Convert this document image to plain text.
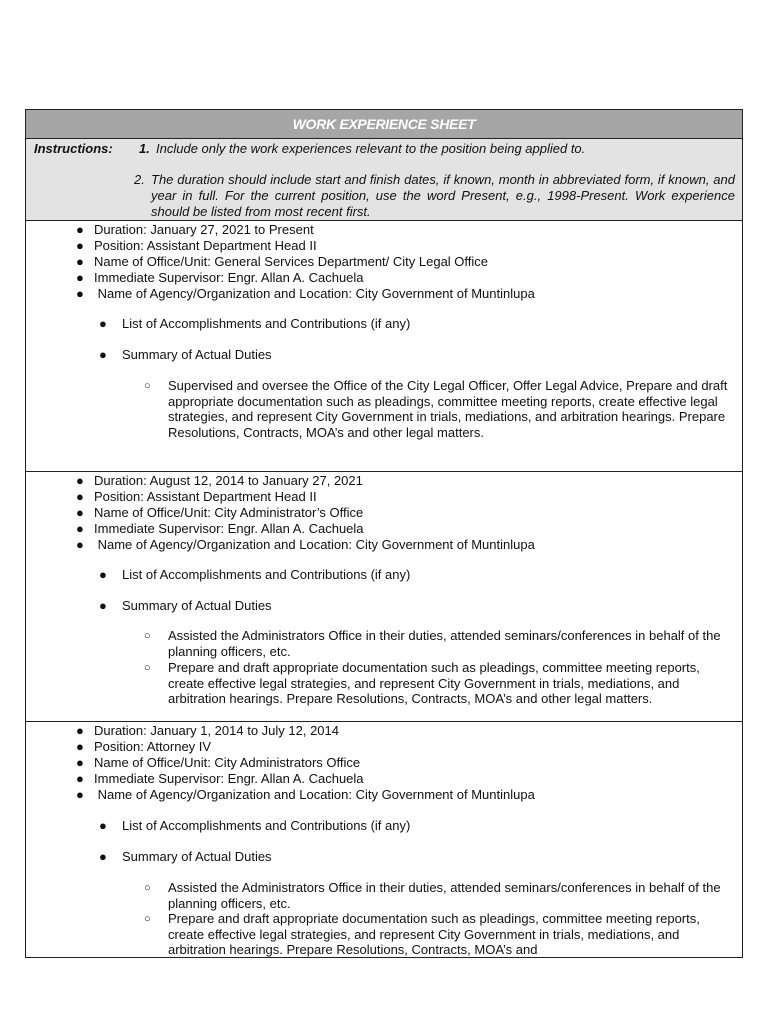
WORK EXPERIENCE SHEET
Instructions: 1. Include only the work experiences relevant to the position being applied to.
2. The duration should include start and finish dates, if known, month in abbreviated form, if known, and year in full. For the current position, use the word Present, e.g., 1998-Present. Work experience should be listed from most recent first.
● Duration: January 27, 2021 to Present
● Position: Assistant Department Head II
● Name of Office/Unit: General Services Department/ City Legal Office
● Immediate Supervisor: Engr. Allan A. Cachuela
● Name of Agency/Organization and Location: City Government of Muntinlupa
● List of Accomplishments and Contributions (if any)
● Summary of Actual Duties
○ Supervised and oversee the Office of the City Legal Officer, Offer Legal Advice, Prepare and draft appropriate documentation such as pleadings, committee meeting reports, create effective legal strategies, and represent City Government in trials, mediations, and arbitration hearings. Prepare Resolutions, Contracts, MOA’s and other legal matters.
● Duration: August 12, 2014 to January 27, 2021
● Position: Assistant Department Head II
● Name of Office/Unit: City Administrator’s Office
● Immediate Supervisor: Engr. Allan A. Cachuela
● Name of Agency/Organization and Location: City Government of Muntinlupa
● List of Accomplishments and Contributions (if any)
● Summary of Actual Duties
○ Assisted the Administrators Office in their duties, attended seminars/conferences in behalf of the planning officers, etc.
○ Prepare and draft appropriate documentation such as pleadings, committee meeting reports, create effective legal strategies, and represent City Government in trials, mediations, and arbitration hearings. Prepare Resolutions, Contracts, MOA’s and other legal matters.
● Duration: January 1, 2014 to July 12, 2014
● Position: Attorney IV
● Name of Office/Unit: City Administrators Office
● Immediate Supervisor: Engr. Allan A. Cachuela
● Name of Agency/Organization and Location: City Government of Muntinlupa
● List of Accomplishments and Contributions (if any)
● Summary of Actual Duties
○ Assisted the Administrators Office in their duties, attended seminars/conferences in behalf of the planning officers, etc.
○ Prepare and draft appropriate documentation such as pleadings, committee meeting reports, create effective legal strategies, and represent City Government in trials, mediations, and arbitration hearings. Prepare Resolutions, Contracts, MOA’s and
